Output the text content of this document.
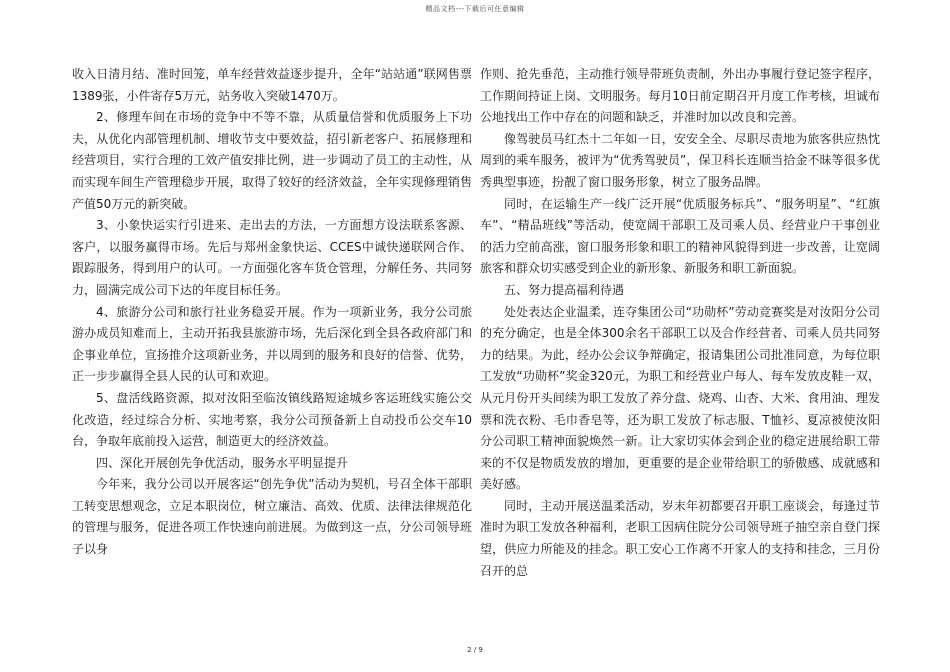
精品文档---下载后可任意编辑

收入日清月结、准时回笼，单车经营效益逐步提升，全年“站站通”联网售票1389张，小件寄存5万元，站务收入突破1470万。

2、修理车间在市场的竞争中不等不靠，从质量信誉和优质服务上下功夫，从优化内部管理机制、增收节支中要效益，招引新老客户、拓展修理和经营项目，实行合理的工效产值安排比例，进一步调动了员工的主动性，从而实现车间生产管理稳步开展，取得了较好的经济效益，全年实现修理销售产值50万元的新突破。

3、小象快运实行引进来、走出去的方法，一方面想方设法联系客源、客户，以服务赢得市场。先后与郑州金象快运、CCES中诚快递联网合作、跟踪服务，得到用户的认可。一方面强化客车货仓管理，分解任务、共同努力，圆满完成公司下达的年度目标任务。

4、旅游分公司和旅行社业务稳妥开展。作为一项新业务，我分公司旅游办成员知难而上，主动开拓我县旅游市场，先后深化到全县各政府部门和企事业单位，宣扬推介这项新业务，并以周到的服务和良好的信誉、优势，正一步步赢得全县人民的认可和欢迎。

5、盘活线路资源，拟对汝阳至临汝镇线路短途城乡客运班线实施公交化改造，经过综合分析、实地考察，我分公司预备新上自动投币公交车10台，争取年底前投入运营，制造更大的经济效益。

四、深化开展创先争优活动，服务水平明显提升

今年来，我分公司以开展客运“创先争优”活动为契机，号召全体干部职工转变思想观念，立足本职岗位，树立廉洁、高效、优质、法律法律规范化的管理与服务，促进各项工作快速向前进展。为做到这一点，分公司领导班子以身

作则、抢先垂范，主动推行领导带班负责制，外出办事履行登记签字程序，工作期间持证上岗、文明服务。每月10日前定期召开月度工作考核，坦诚布公地找出工作中存在的问题和缺乏，并准时加以改良和完善。

像驾驶员马红杰十二年如一日，安安全全、尽职尽责地为旅客供应热忱周到的乘车服务，被评为“优秀驾驶员”，保卫科长连顺当拾金不昧等很多优秀典型事迹，扮靓了窗口服务形象，树立了服务品牌。

同时，在运输生产一线广泛开展“优质服务标兵”、“服务明星”、“红旗车”、“精品班线”等活动，使宽阔干部职工及司乘人员、经营业户干事创业的活力空前高涨，窗口服务形象和职工的精神风貌得到进一步改善，让宽阔旅客和群众切实感受到企业的新形象、新服务和职工新面貌。

五、努力提高福利待遇

处处表达企业温柔，连夺集团公司“功勋杯”劳动竞赛奖是对汝阳分公司的充分确定，也是全体300余名干部职工以及合作经营者、司乘人员共同努力的结果。为此，经办公会议争辩确定，报请集团公司批准同意，为每位职工发放“功勋杯”奖金320元，为职工和经营业户每人、每车发放皮鞋一双，从元月份开头间续为职工发放了养分盘、烧鸡、山杏、大米、食用油、理发票和洗衣粉、毛巾香皂等，还为职工发放了标志服、T恤衫、夏凉被使汝阳分公司职工精神面貌焕然一新。让大家切实体会到企业的稳定进展给职工带来的不仅是物质发放的增加，更重要的是企业带给职工的骄傲感、成就感和美好感。

同时，主动开展送温柔活动，岁末年初都要召开职工座谈会，每逢过节准时为职工发放各种福利，老职工因病住院分公司领导班子抽空亲自登门探望，供应力所能及的挂念。职工安心工作离不开家人的支持和挂念，三月份召开的总

2 / 9
